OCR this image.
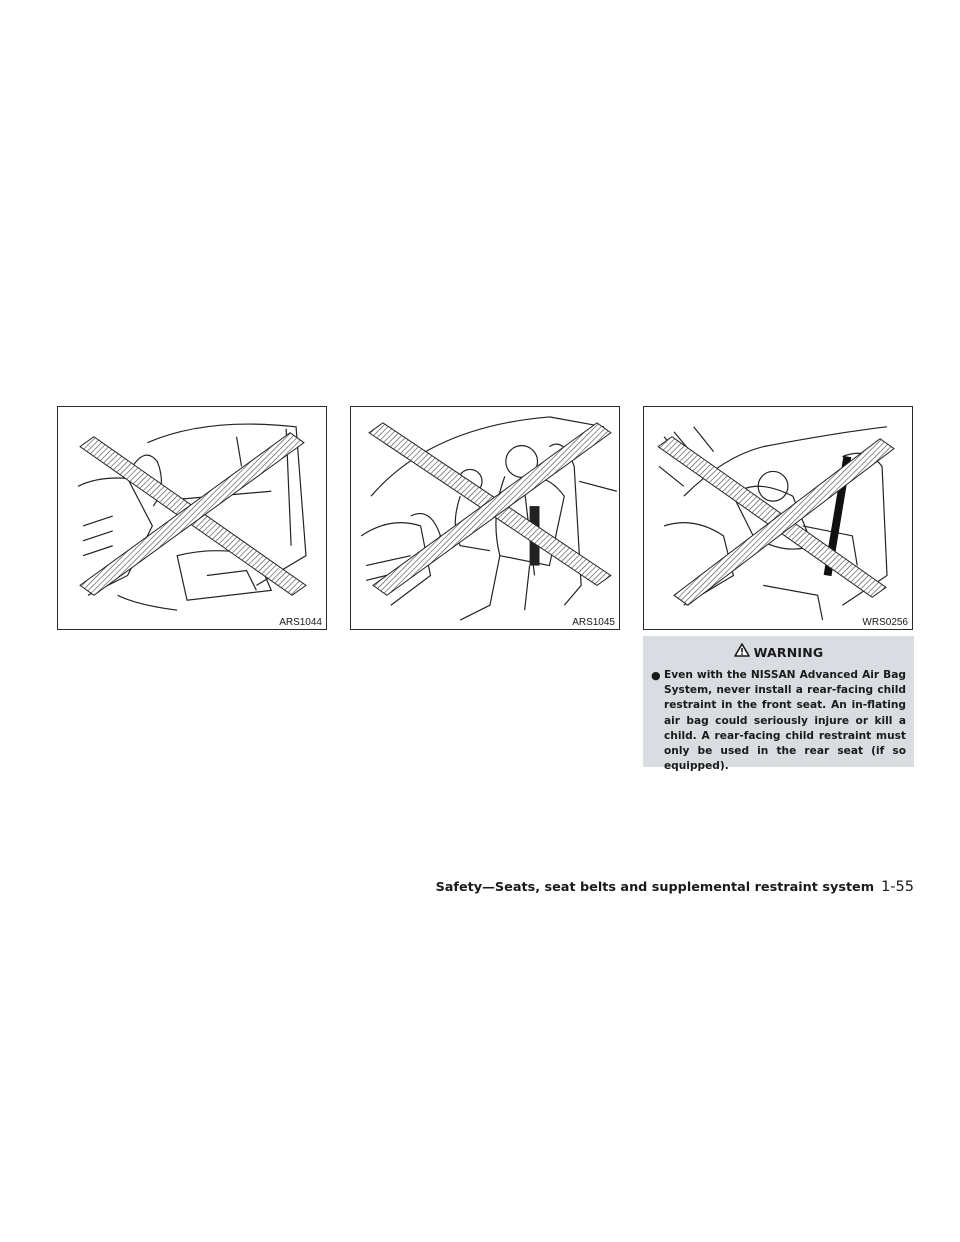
ARS1044	ARS1045	WRS0256
WARNING
● Even with the NISSAN Advanced Air Bag System, never install a rear-facing child restraint in the front seat. An in-flating air bag could seriously injure or kill a child. A rear-facing child restraint must only be used in the rear seat (if so equipped).

Safety—Seats, seat belts and supplemental restraint system 1-55
